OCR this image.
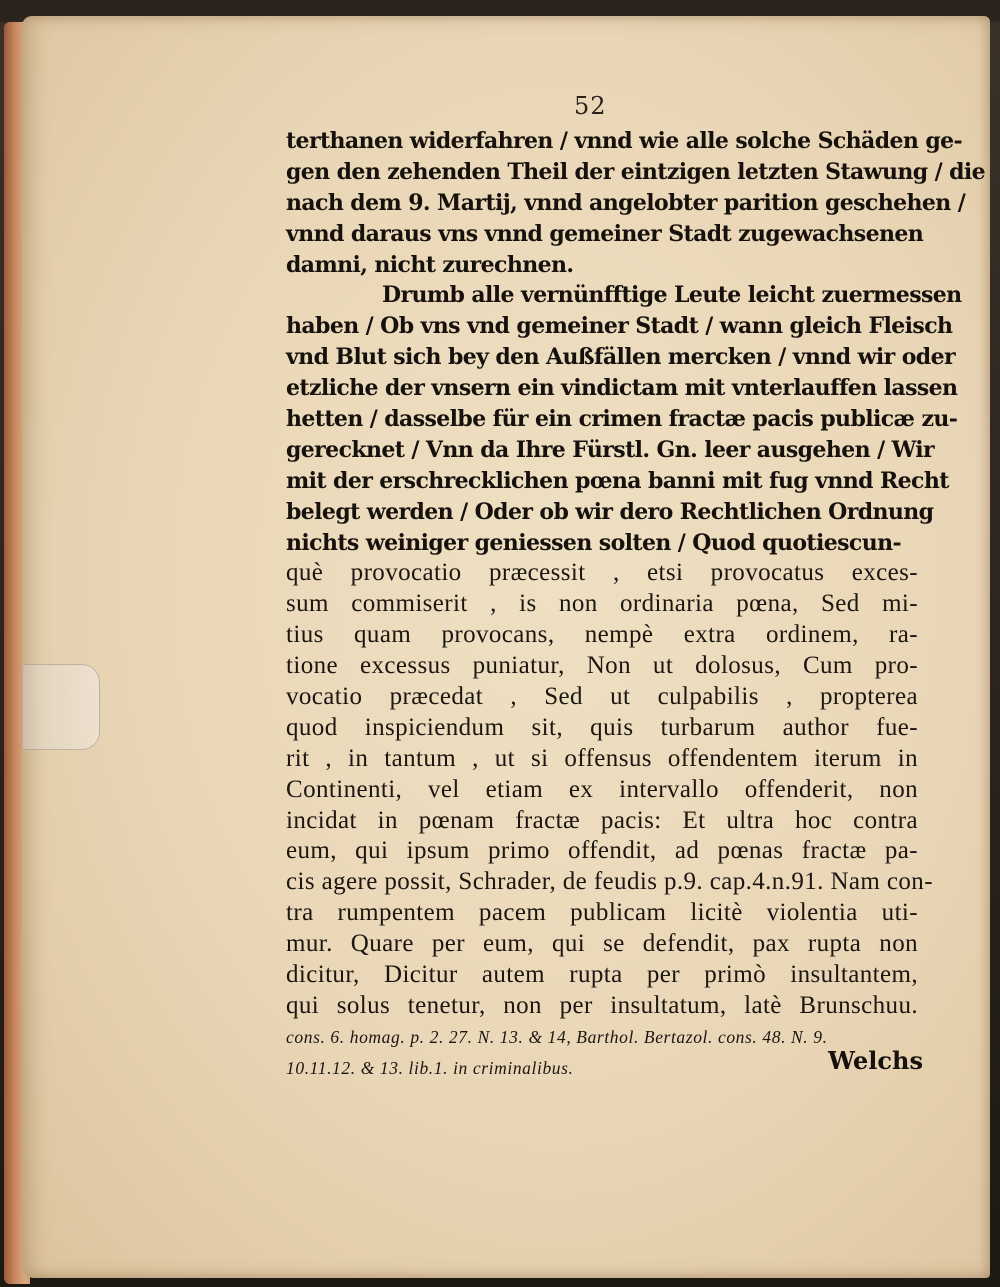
52
terthanen widerfahren / vnnd wie alle solche Schäden ge-
gen den zehenden Theil der eintzigen letzten Stawung / die
nach dem 9. Martij, vnnd angelobter parition geschehen /
vnnd daraus vns vnnd gemeiner Stadt zugewachsenen
damni, nicht zurechnen.
Drumb alle vernünfftige Leute leicht zuermessen
haben / Ob vns vnd gemeiner Stadt / wann gleich Fleisch
vnd Blut sich bey den Außfällen mercken / vnnd wir oder
etzliche der vnsern ein vindictam mit vnterlauffen lassen
hetten / dasselbe für ein crimen fractæ pacis publicæ zu-
gerecknet / Vnn da Ihre Fürstl. Gn. leer ausgehen / Wir
mit der erschrecklichen pœna banni mit fug vnnd Recht
belegt werden / Oder ob wir dero Rechtlichen Ordnung
nichts weiniger geniessen solten / Quod quotiescun-
què provocatio præcessit , etsi provocatus exces-
sum commiserit , is non ordinaria pœna, Sed mi-
tius quam provocans, nempè extra ordinem, ra-
tione excessus puniatur, Non ut dolosus, Cum pro-
vocatio præcedat , Sed ut culpabilis , propterea
quod inspiciendum sit, quis turbarum author fue-
rit , in tantum , ut si offensus offendentem iterum in
Continenti, vel etiam ex intervallo offenderit, non
incidat in pœnam fractæ pacis: Et ultra hoc contra
eum, qui ipsum primo offendit, ad pœnas fractæ pa-
cis agere possit, Schrader, de feudis p.9. cap.4.n.91. Nam con-
tra rumpentem pacem publicam licitè violentia uti-
mur. Quare per eum, qui se defendit, pax rupta non
dicitur, Dicitur autem rupta per primò insultantem,
qui solus tenetur, non per insultatum, latè Brunschuu.
cons. 6. homag. p. 2. 27. N. 13. & 14, Barthol. Bertazol. cons. 48. N. 9.
10.11.12. & 13. lib.1. in criminalibus.	Welchs
